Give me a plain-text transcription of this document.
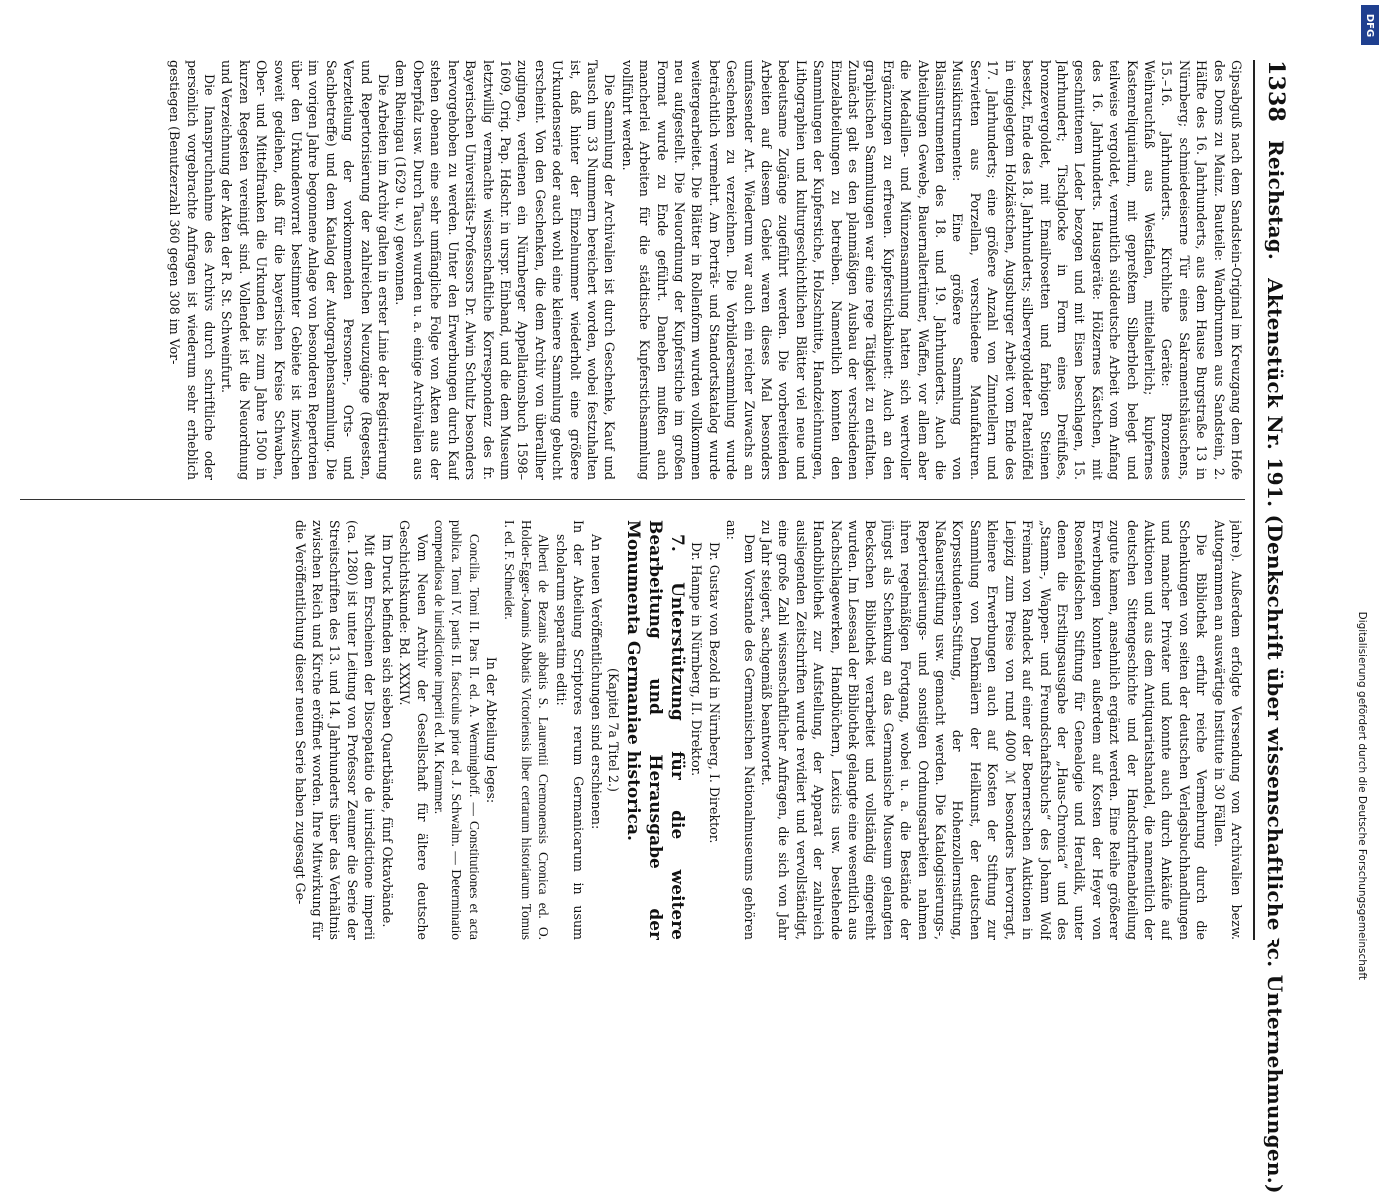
1338
Reichstag.
Aktenstück Nr. 191. (Denkschrift über wissenschaftliche ꝛc. Unternehmungen.)

Gipsabguß nach dem Sandstein-Original im Kreuzgang dem Hofe des Doms zu Mainz. Bauteile: Wandbrunnen aus Sandstein, 2. Hälfte des 16. Jahrhunderts, aus dem Hause Burgstraße 13 in Nürnberg; schmiedeeiserne Tür eines Sakramentshäuschens, 15.–16. Jahrhunderts. Kirchliche Geräte: Bronzenes Weihrauchfaß aus Westfalen, mittelalterlich; kupfernes Kastenreliquiarium, mit gepreßtem Silberblech belegt und teilweise vergoldet, vermutlich süddeutsche Arbeit vom Anfang des 16. Jahrhunderts. Hausgeräte: Hölzernes Kästchen, mit geschnittenem Leder bezogen und mit Eisen beschlagen, 15. Jahrhundert; Tischglocke in Form eines Dreifußes, bronzevergoldet, mit Emailrosetten und farbigen Steinen besetzt, Ende des 18. Jahrhunderts; silbervergoldeter Patenlöffel in eingelegtem Holzkästchen, Augsburger Arbeit vom Ende des 17. Jahrhunderts; eine größere Anzahl von Zinntellern und Servietten aus Porzellan, verschiedene Manufakturen. Musikinstrumente: Eine größere Sammlung von Blasinstrumenten des 18. und 19. Jahrhunderts. Auch die Abteilungen Gewebe, Bauernaltertümer, Waffen, vor allem aber die Medaillen- und Münzensammlung hatten sich wertvoller Ergänzungen zu erfreuen. Kupferstichkabinett: Auch an den graphischen Sammlungen war eine rege Tätigkeit zu entfalten. Zunächst galt es den planmäßigen Ausbau der verschiedenen Einzelabteilungen zu betreiben. Namentlich konnten den Sammlungen der Kupferstiche, Holzschnitte, Handzeichnungen, Lithographien und kulturgeschichtlichen Blätter viel neue und bedeutsame Zugänge zugeführt werden. Die vorbereitenden Arbeiten auf diesem Gebiet waren dieses Mal besonders umfassender Art. Wiederum war auch ein reicher Zuwachs an Geschenken zu verzeichnen. Die Vorbildersammlung wurde beträchtlich vermehrt. Am Porträt- und Standortskatalog wurde weitergearbeitet. Die Blätter in Rollenform wurden vollkommen neu aufgestellt. Die Neuordnung der Kupferstiche im großen Format wurde zu Ende geführt. Daneben mußten auch mancherlei Arbeiten für die städtische Kupferstichsammlung vollführt werden.

Die Sammlung der Archivalien ist durch Geschenke, Kauf und Tausch um 33 Nummern bereichert worden, wobei festzuhalten ist, daß hinter der Einzelnummer wiederholt eine größere Urkundenserie oder auch wohl eine kleinere Sammlung gebucht erscheint. Von den Geschenken, die dem Archiv von überallher zugingen, verdienen ein Nürnberger Appellationsbuch 1598–1609, Orig. Pap. Hdschr. in urspr. Einband, und die dem Museum letztwillig vermachte wissenschaftliche Korrespondenz des fr. Bayerischen Universitäts-Professors Dr. Alwin Schultz besonders hervorgehoben zu werden. Unter den Erwerbungen durch Kauf stehen obenan eine sehr umfängliche Folge von Akten aus der Oberpfalz usw. Durch Tausch wurden u. a. einige Archivalien aus dem Rheingau (1629 u. w.) gewonnen.

Die Arbeiten im Archiv galten in erster Linie der Registrierung und Repertorisierung der zahlreichen Neuzugänge (Regesten, Verzettelung der vorkommenden Personen-, Orts- und Sachbetreffe) und dem Katalog der Autographensammlung. Die im vorigen Jahre begonnene Anlage von besonderen Repertorien über den Urkundenvorrat bestimmter Gebiete ist inzwischen soweit gediehen, daß für die bayerischen Kreise Schwaben, Ober- und Mittelfranken die Urkunden bis zum Jahre 1500 in kurzen Regesten vereinigt sind. Vollendet ist die Neuordnung und Verzeichnung der Akten der R. St. Schweinfurt.

Die Inanspruchnahme des Archivs durch schriftliche oder persönlich vorgebrachte Anfragen ist wiederum sehr erheblich gestiegen (Benutzerzahl 360 gegen 308 im Vor-

jahre). Außerdem erfolgte Versendung von Archivalien bezw. Autogrammen an auswärtige Institute in 30 Fällen.

Die Bibliothek erfuhr reiche Vermehrung durch die Schenkungen von seiten der deutschen Verlagsbuchhandlungen und mancher Privater und konnte auch durch Ankäufe auf Auktionen und aus dem Antiquariatshandel, die namentlich der deutschen Sittengeschichte und der Handschriftenabteilung zugute kamen, ansehnlich ergänzt werden. Eine Reihe größerer Erwerbungen konnten außerdem auf Kosten der Heyer von Rosenfeldschen Stiftung für Genealogie und Heraldik, unter denen die Erstlingsausgabe der „Haus-Chronica“ und des „Stamm-, Wappen- und Freundschaftsbuchs“ des Johann Wolf Freiman von Randeck auf einer der Boernerschen Auktionen in Leipzig zum Preise von rund 4000 ℳ besonders hervorragt, kleinere Erwerbungen auch auf Kosten der Stiftung zur Sammlung von Denkmälern der Heilkunst, der deutschen Korpsstudenten-Stiftung, der Hohenzollernstiftung, Naßauerstiftung usw. gemacht werden. Die Katalogisierungs-, Repertorisierungs- und sonstigen Ordnungsarbeiten nahmen ihren regelmäßigen Fortgang, wobei u. a. die Bestände der jüngst als Schenkung an das Germanische Museum gelangten Beckschen Bibliothek verarbeitet und vollständig eingereiht wurden. Im Lesesaal der Bibliothek gelangte eine wesentlich aus Nachschlagewerken, Handbüchern, Lexicis usw. bestehende Handbibliothek zur Aufstellung, der Apparat der zahlreich ausliegenden Zeitschriften wurde revidiert und vervollständigt, eine große Zahl wissenschaftlicher Anfragen, die sich von Jahr zu Jahr steigert, sachgemäß beantwortet.

Dem Vorstande des Germanischen Nationalmuseums gehören an:

Dr. Gustav von Bezold in Nürnberg, I. Direktor.

Dr. Hampe in Nürnberg, II. Direktor.

7. Unterstützung für die weitere Bearbeitung und Herausgabe der Monumenta Germaniae historica.

(Kapitel 7a Titel 2.)

An neuen Veröffentlichungen sind erschienen:

In der Abteilung Scriptores rerum Germanicarum in usum scholarum separatim editi:

Alberti de Bezanis abbatis S. Laurentii Cremonensis Cronica ed. O. Holder-Egger-Joannis Abbatis Victoriensis liber certarum historiarum Tomus I. ed. F. Schneider.

In der Abteilung leges:

Concilia. Tomi II. Pars II. ed. A. Werminghoff. — Constitutiones et acta publica. Tomi IV. partis II. fasciculus prior ed. J. Schwalm. — Determinatio compendiosa de iurisdictione imperii ed. M. Krammer.

Vom Neuen Archiv der Gesellschaft für ältere deutsche Geschichtskunde: Bd. XXXIV.

Im Druck befinden sich sieben Quartbände, fünf Oktavbände.

Mit dem Erscheinen der Discepatatio de iurisdictione imperii (ca. 1280) ist unter Leitung von Professor Zeumer die Serie der Streitschriften des 13. und 14. Jahrhunderts über das Verhältnis zwischen Reich und Kirche eröffnet worden. Ihre Mitwirkung für die Veröffentlichung dieser neuen Serie haben zugesagt Ge-	Digitalisierung gefördert durch die Deutsche Forschungsgemeinschaft
DFG
